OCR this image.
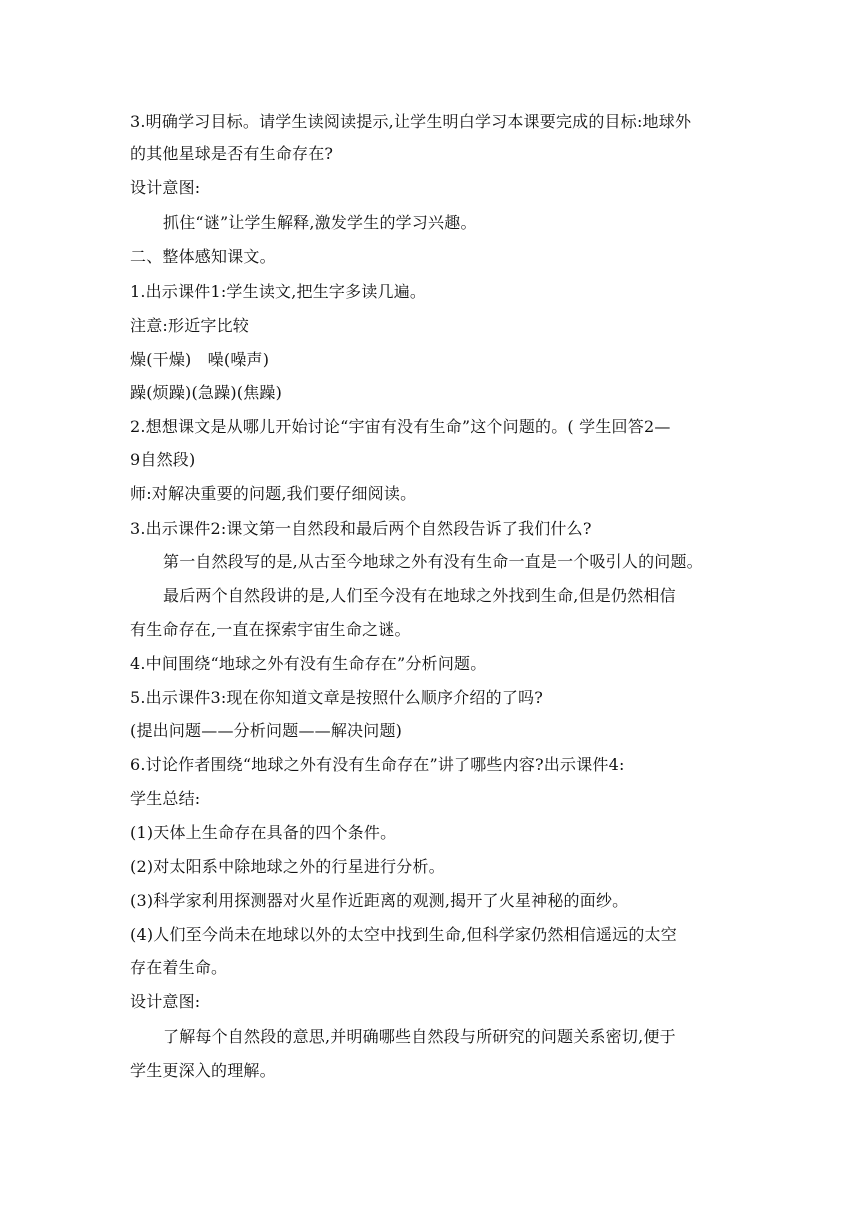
3.明确学习目标。请学生读阅读提示,让学生明白学习本课要完成的目标:地球外
的其他星球是否有生命存在?
设计意图:
抓住“谜”让学生解释,激发学生的学习兴趣。
二、整体感知课文。
1.出示课件1:学生读文,把生字多读几遍。
注意:形近字比较
燥(干燥)　噪(噪声)
躁(烦躁)(急躁)(焦躁)
2.想想课文是从哪儿开始讨论“宇宙有没有生命”这个问题的。( 学生回答2—
9自然段)
师:对解决重要的问题,我们要仔细阅读。
3.出示课件2:课文第一自然段和最后两个自然段告诉了我们什么?
第一自然段写的是,从古至今地球之外有没有生命一直是一个吸引人的问题。
最后两个自然段讲的是,人们至今没有在地球之外找到生命,但是仍然相信
有生命存在,一直在探索宇宙生命之谜。
4.中间围绕“地球之外有没有生命存在”分析问题。
5.出示课件3:现在你知道文章是按照什么顺序介绍的了吗?
(提出问题——分析问题——解决问题)
6.讨论作者围绕“地球之外有没有生命存在”讲了哪些内容?出示课件4:
学生总结:
(1)天体上生命存在具备的四个条件。
(2)对太阳系中除地球之外的行星进行分析。
(3)科学家利用探测器对火星作近距离的观测,揭开了火星神秘的面纱。
(4)人们至今尚未在地球以外的太空中找到生命,但科学家仍然相信遥远的太空
存在着生命。
设计意图:
了解每个自然段的意思,并明确哪些自然段与所研究的问题关系密切,便于
学生更深入的理解。
